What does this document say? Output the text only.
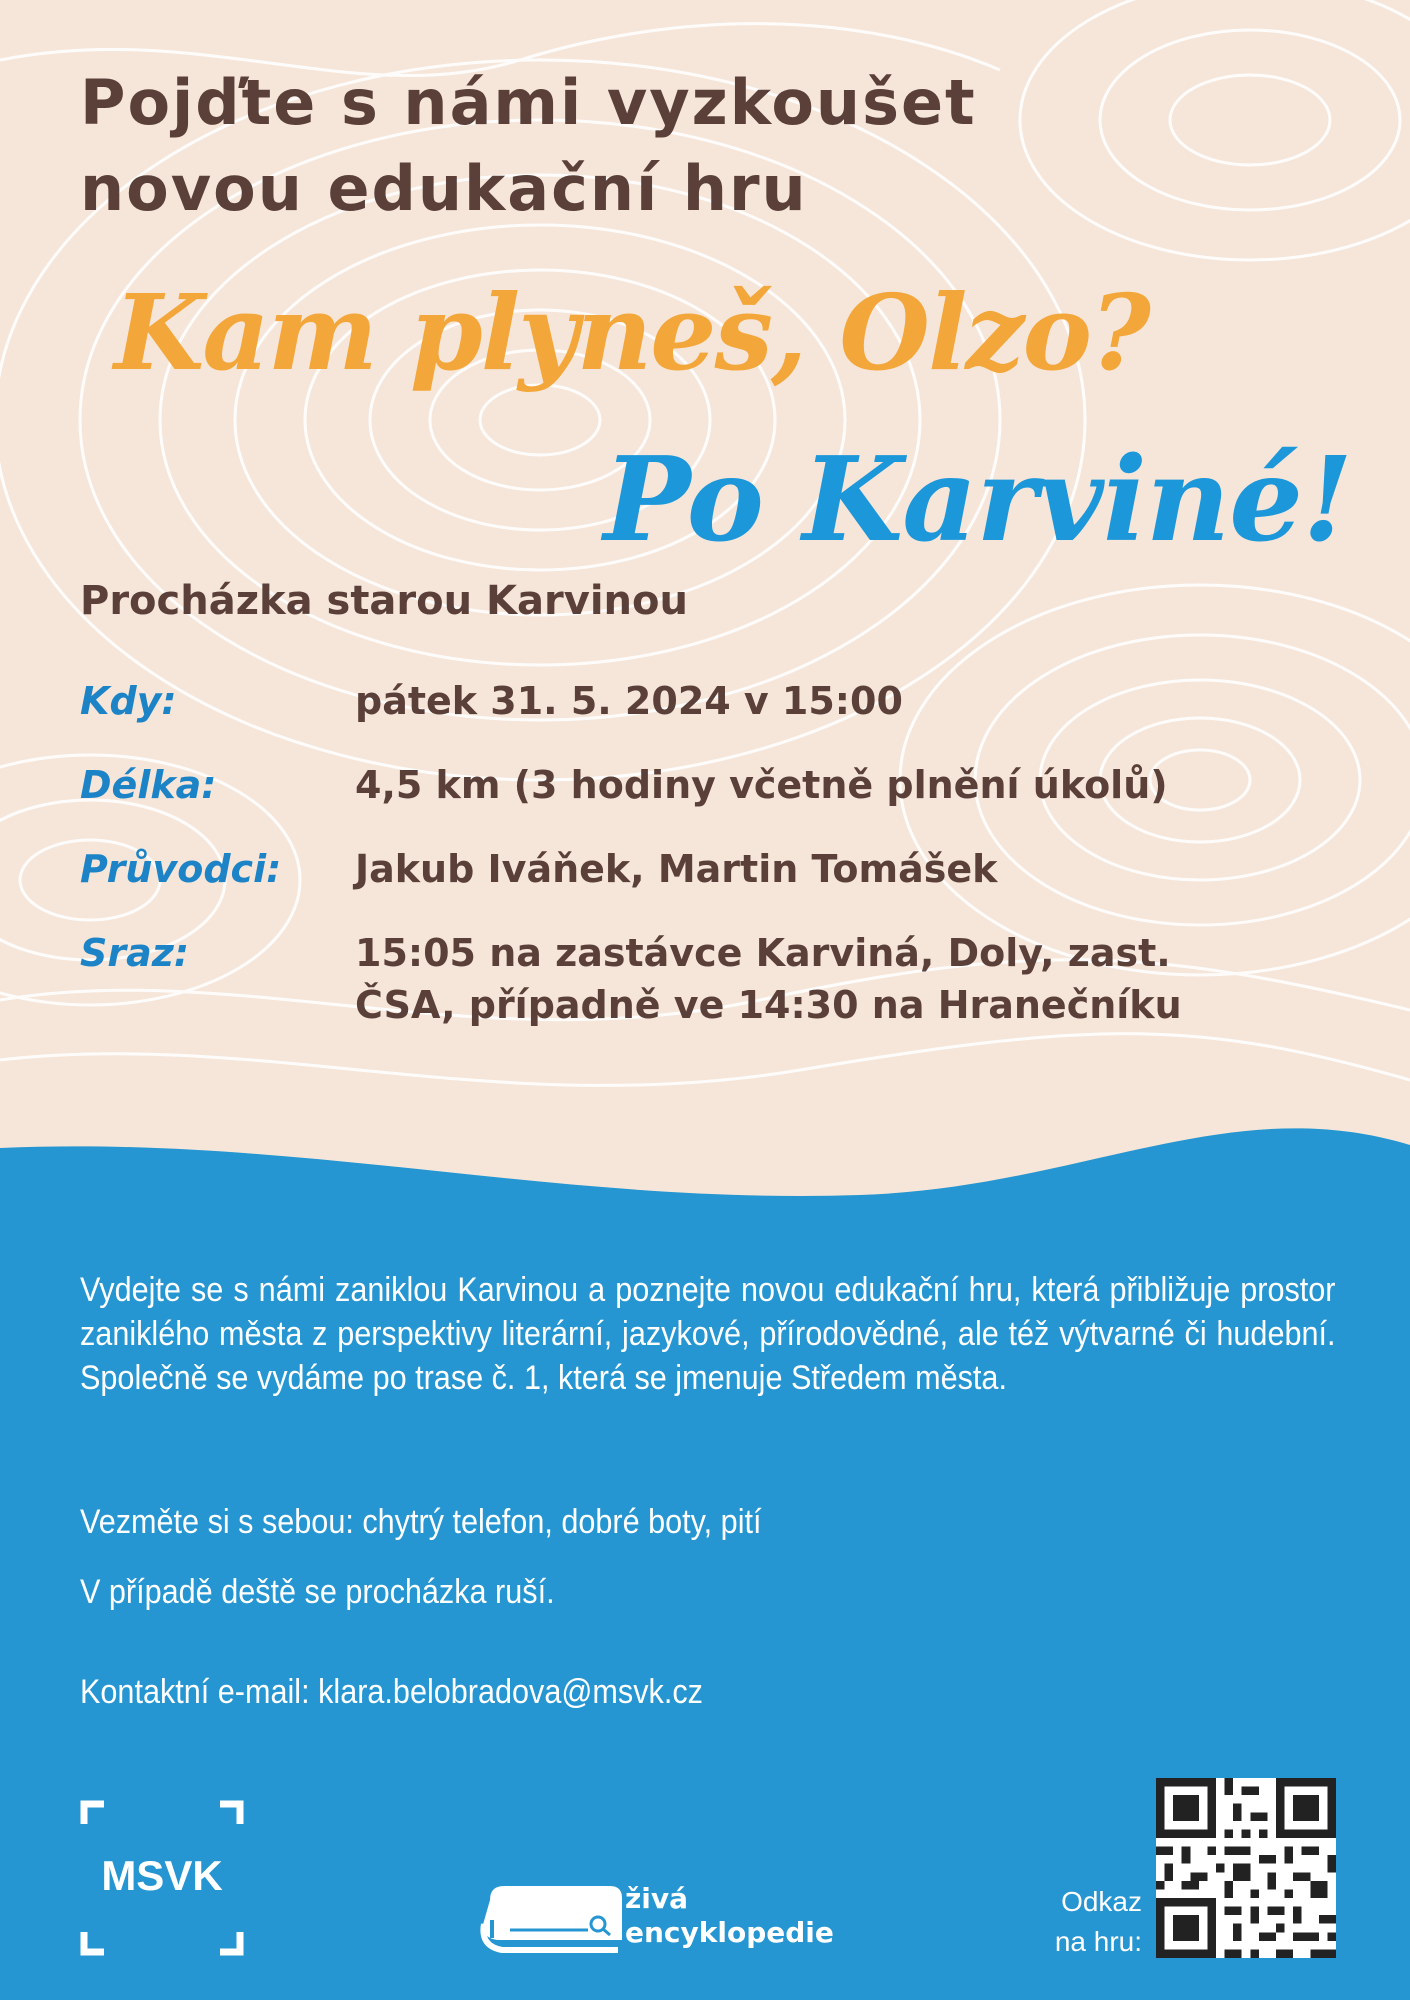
Pojďte s námi vyzkoušet
novou edukační hru
Kam plyneš, Olzo?
Po Karviné!
Procházka starou Karvinou
Kdy:	pátek 31. 5. 2024 v 15:00
Délka:	4,5 km (3 hodiny včetně plnění úkolů)
Průvodci:	Jakub Iváňek, Martin Tomášek
Sraz:	15:05 na zastávce Karviná, Doly, zast.
ČSA, případně ve 14:30 na Hranečníku

Vydejte se s námi zaniklou Karvinou a poznejte novou edukační hru, která přibližuje prostor zaniklého města z perspektivy literární, jazykové, přírodovědné, ale též výtvarné či hudební. Společně se vydáme po trase č. 1, která se jmenuje Středem města.

Vezměte si s sebou: chytrý telefon, dobré boty, pití

V případě deště se procházka ruší.

Kontaktní e-mail: klara.belobradova@msvk.cz

MSVK	živá
encyklopedie
Odkaz
na hru:
